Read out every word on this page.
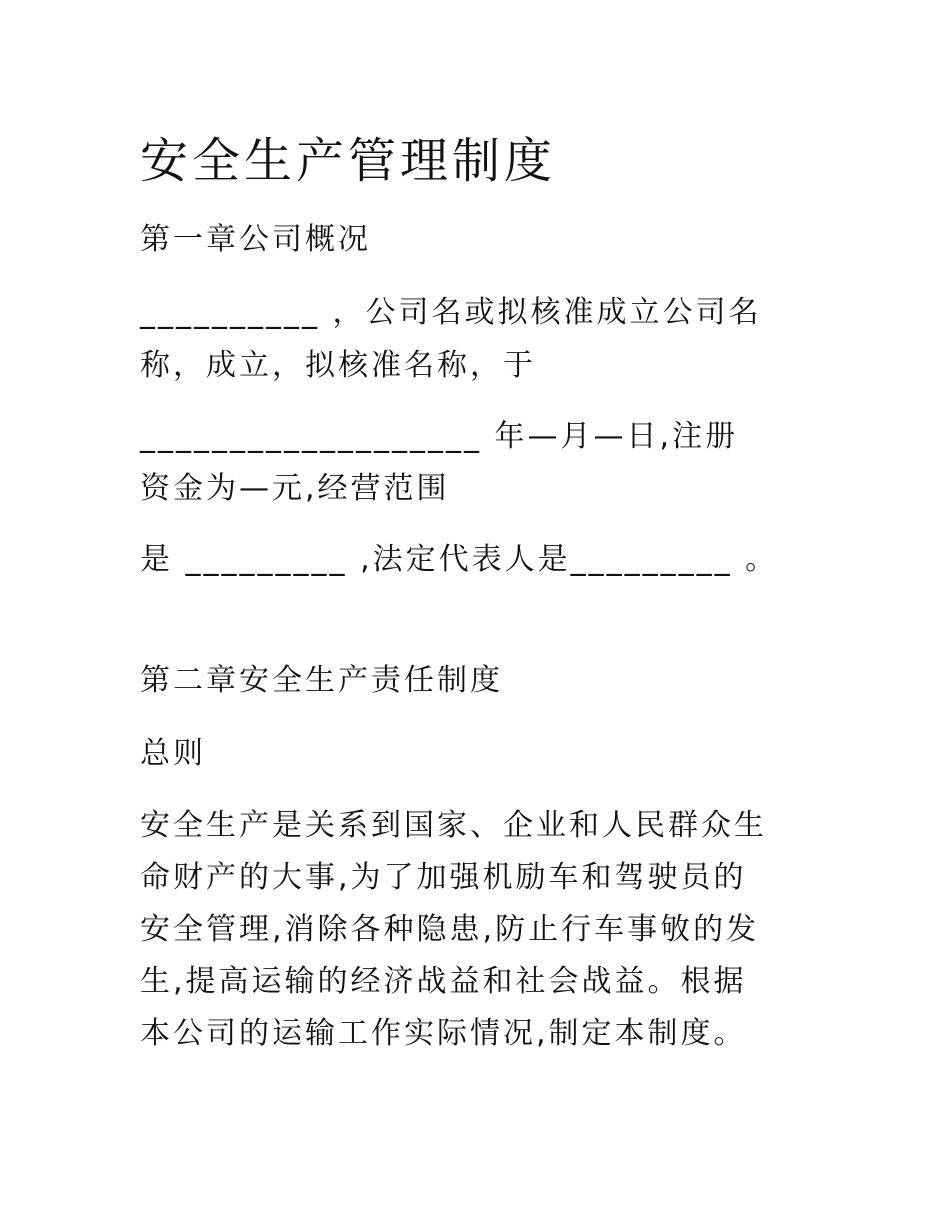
安全生产管理制度

第一章公司概况

__________ ，公司名或拟核准成立公司名

称，成立，拟核准名称，于

___________________ 年—月—日,注册

资金为—元,经营范围

是 _________ ,法定代表人是_________ 。

第二章安全生产责任制度

总则

安全生产是关系到国家、企业和人民群众生

命财产的大事,为了加强机励车和驾驶员的

安全管理,消除各种隐患,防止行车事敂的发

生,提高运输的经济战益和社会战益。根据

本公司的运输工作实际情况,制定本制度。
